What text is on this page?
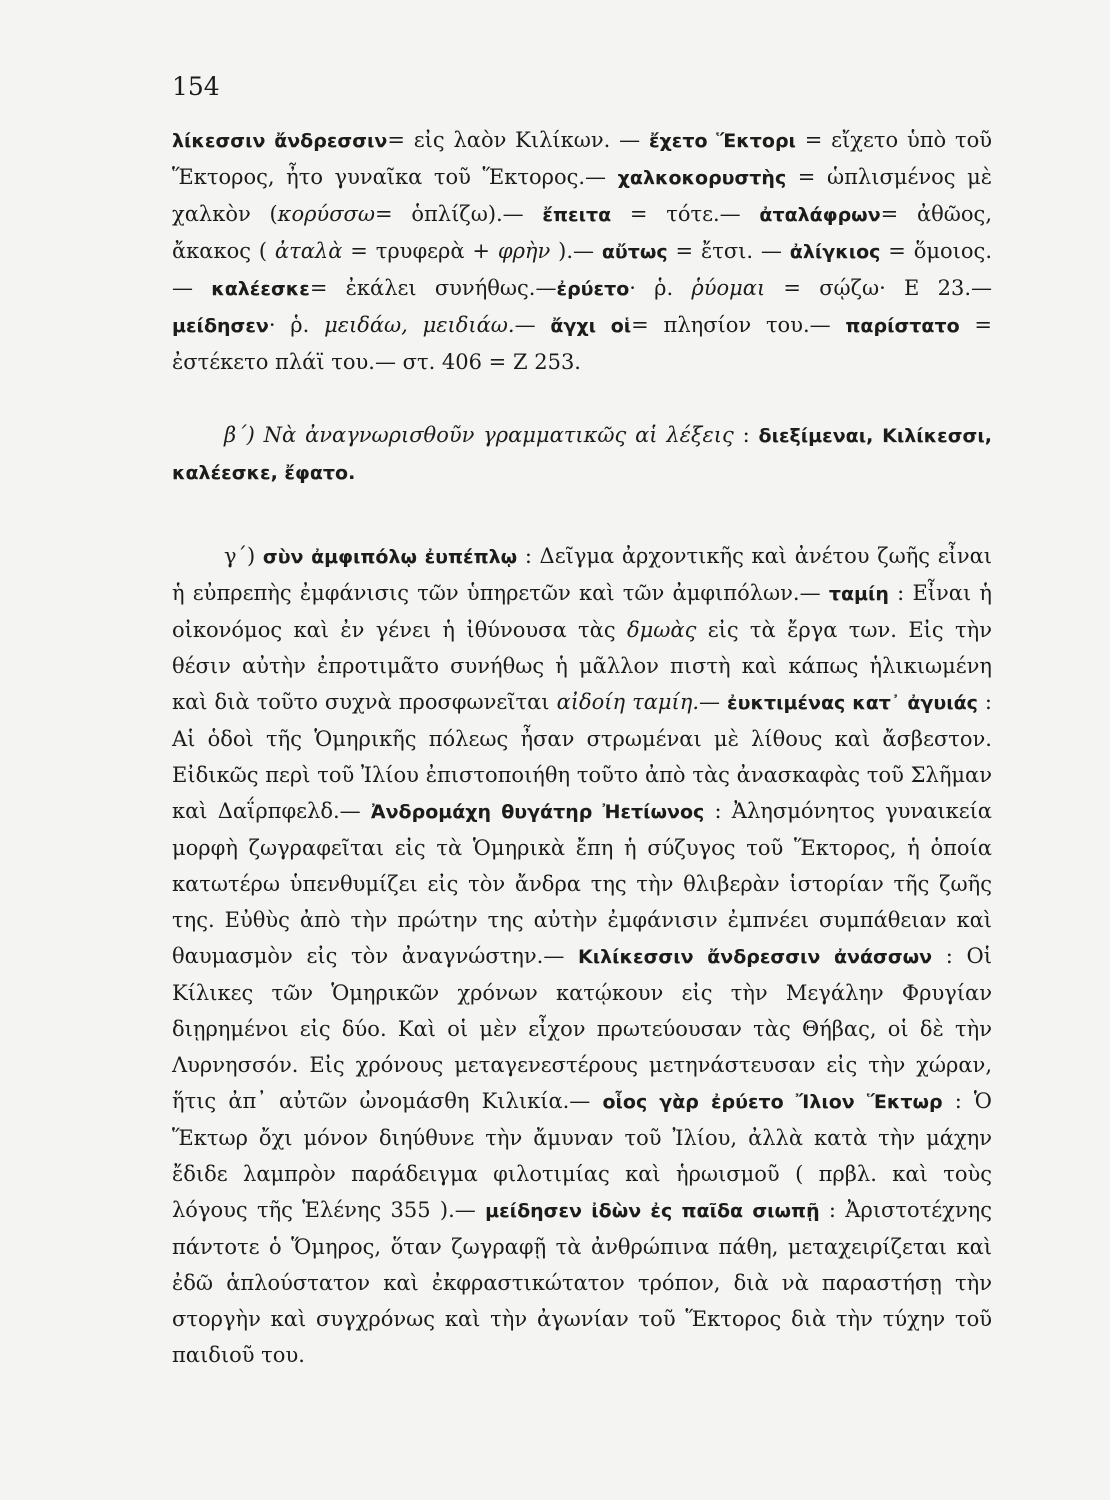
154

λίκεσσιν ἄνδρεσσιν= εἰς λαὸν Κιλίκων. — ἔχετο Ἕκτορι = εἴχετο ὑπὸ τοῦ Ἕκτορος, ἦτο γυναῖκα τοῦ Ἕκτορος.— χαλκοκορυστὴς = ὡπλισμένος μὲ χαλκὸν (κορύσσω= ὁπλίζω).— ἔπειτα = τότε.— ἀταλάφρων= ἀθῶος, ἄκακος ( ἀταλὰ = τρυφερὰ + φρὴν ).— αὔτως = ἔτσι. — ἀλίγκιος = ὅμοιος. — καλέεσκε= ἐκάλει συνήθως.—ἐρύετο· ῥ. ῥύομαι = σῴζω· Ε 23.— μείδησεν· ῥ. μειδάω, μειδιάω.— ἄγχι οἱ= πλησίον του.— παρίστατο = ἐστέκετο πλάϊ του.— στ. 406 = Ζ 253.

β΄) Νὰ ἀναγνωρισθοῦν γραμματικῶς αἱ λέξεις : διεξίμεναι, Κιλίκεσσι, καλέεσκε, ἔφατο.

γ΄) σὺν ἀμφιπόλῳ ἐυπέπλῳ : Δεῖγμα ἀρχοντικῆς καὶ ἀνέτου ζωῆς εἶναι ἡ εὐπρεπὴς ἐμφάνισις τῶν ὑπηρετῶν καὶ τῶν ἀμφιπόλων.— ταμίη : Εἶναι ἡ οἰκονόμος καὶ ἐν γένει ἡ ἰθύνουσα τὰς δμωὰς εἰς τὰ ἔργα των. Εἰς τὴν θέσιν αὐτὴν ἐπροτιμᾶτο συνήθως ἡ μᾶλλον πιστὴ καὶ κάπως ἡλικιωμένη καὶ διὰ τοῦτο συχνὰ προσφωνεῖται αἰδοίη ταμίη.— ἐυκτιμένας κατ᾽ ἀγυιάς : Αἱ ὁδοὶ τῆς Ὁμηρικῆς πόλεως ἦσαν στρωμέναι μὲ λίθους καὶ ἄσβεστον. Εἰδικῶς περὶ τοῦ Ἰλίου ἐπιστοποιήθη τοῦτο ἀπὸ τὰς ἀνασκαφὰς τοῦ Σλῆμαν καὶ Δαΐρπφελδ.— Ἀνδρομάχη θυγάτηρ Ἠετίωνος : Ἀλησμόνητος γυναικεία μορφὴ ζωγραφεῖται εἰς τὰ Ὁμηρικὰ ἔπη ἡ σύζυγος τοῦ Ἕκτορος, ἡ ὁποία κατωτέρω ὑπενθυμίζει εἰς τὸν ἄνδρα της τὴν θλιβερὰν ἱστορίαν τῆς ζωῆς της. Εὐθὺς ἀπὸ τὴν πρώτην της αὐτὴν ἐμφάνισιν ἐμπνέει συμπάθειαν καὶ θαυμασμὸν εἰς τὸν ἀναγνώστην.— Κιλίκεσσιν ἄνδρεσσιν ἀνάσσων : Οἱ Κίλικες τῶν Ὁμηρικῶν χρόνων κατῴκουν εἰς τὴν Μεγάλην Φρυγίαν διῃρημένοι εἰς δύο. Καὶ οἱ μὲν εἶχον πρωτεύουσαν τὰς Θήβας, οἱ δὲ τὴν Λυρνησσόν. Εἰς χρόνους μεταγενεστέρους μετηνάστευσαν εἰς τὴν χώραν, ἥτις ἀπ᾽ αὐτῶν ὠνομάσθη Κιλικία.— οἷος γὰρ ἐρύετο Ἴλιον Ἕκτωρ : Ὁ Ἕκτωρ ὄχι μόνον διηύθυνε τὴν ἄμυναν τοῦ Ἰλίου, ἀλλὰ κατὰ τὴν μάχην ἔδιδε λαμπρὸν παράδειγμα φιλοτιμίας καὶ ἡρωισμοῦ ( πρβλ. καὶ τοὺς λόγους τῆς Ἑλένης 355 ).— μείδησεν ἰδὼν ἐς παῖδα σιωπῇ : Ἀριστοτέχνης πάντοτε ὁ Ὅμηρος, ὅταν ζωγραφῇ τὰ ἀνθρώπινα πάθη, μεταχειρίζεται καὶ ἐδῶ ἁπλούστατον καὶ ἐκφραστικώτατον τρόπον, διὰ νὰ παραστήσῃ τὴν στοργὴν καὶ συγχρόνως καὶ τὴν ἀγωνίαν τοῦ Ἕκτορος διὰ τὴν τύχην τοῦ παιδιοῦ του.
